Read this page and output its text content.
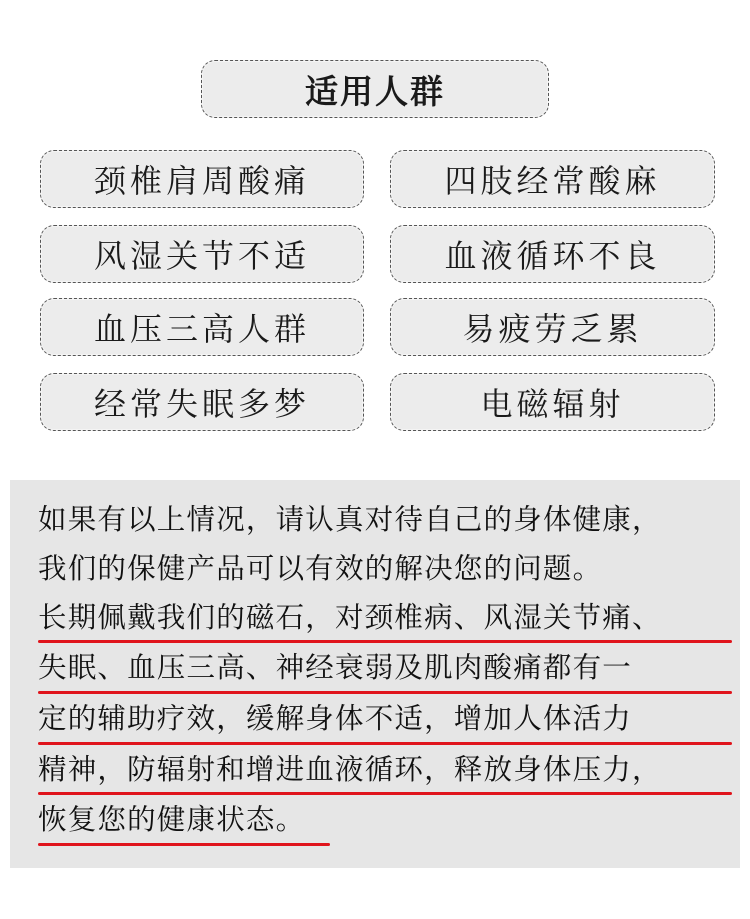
适用人群
颈椎肩周酸痛	四肢经常酸麻
风湿关节不适	血液循环不良
血压三高人群	易疲劳乏累
经常失眠多梦	电磁辐射
如果有以上情况，请认真对待自己的身体健康，
我们的保健产品可以有效的解决您的问题。
长期佩戴我们的磁石，对颈椎病、风湿关节痛、
失眠、血压三高、神经衰弱及肌肉酸痛都有一
定的辅助疗效，缓解身体不适，增加人体活力
精神，防辐射和增进血液循环，释放身体压力，
恢复您的健康状态。
